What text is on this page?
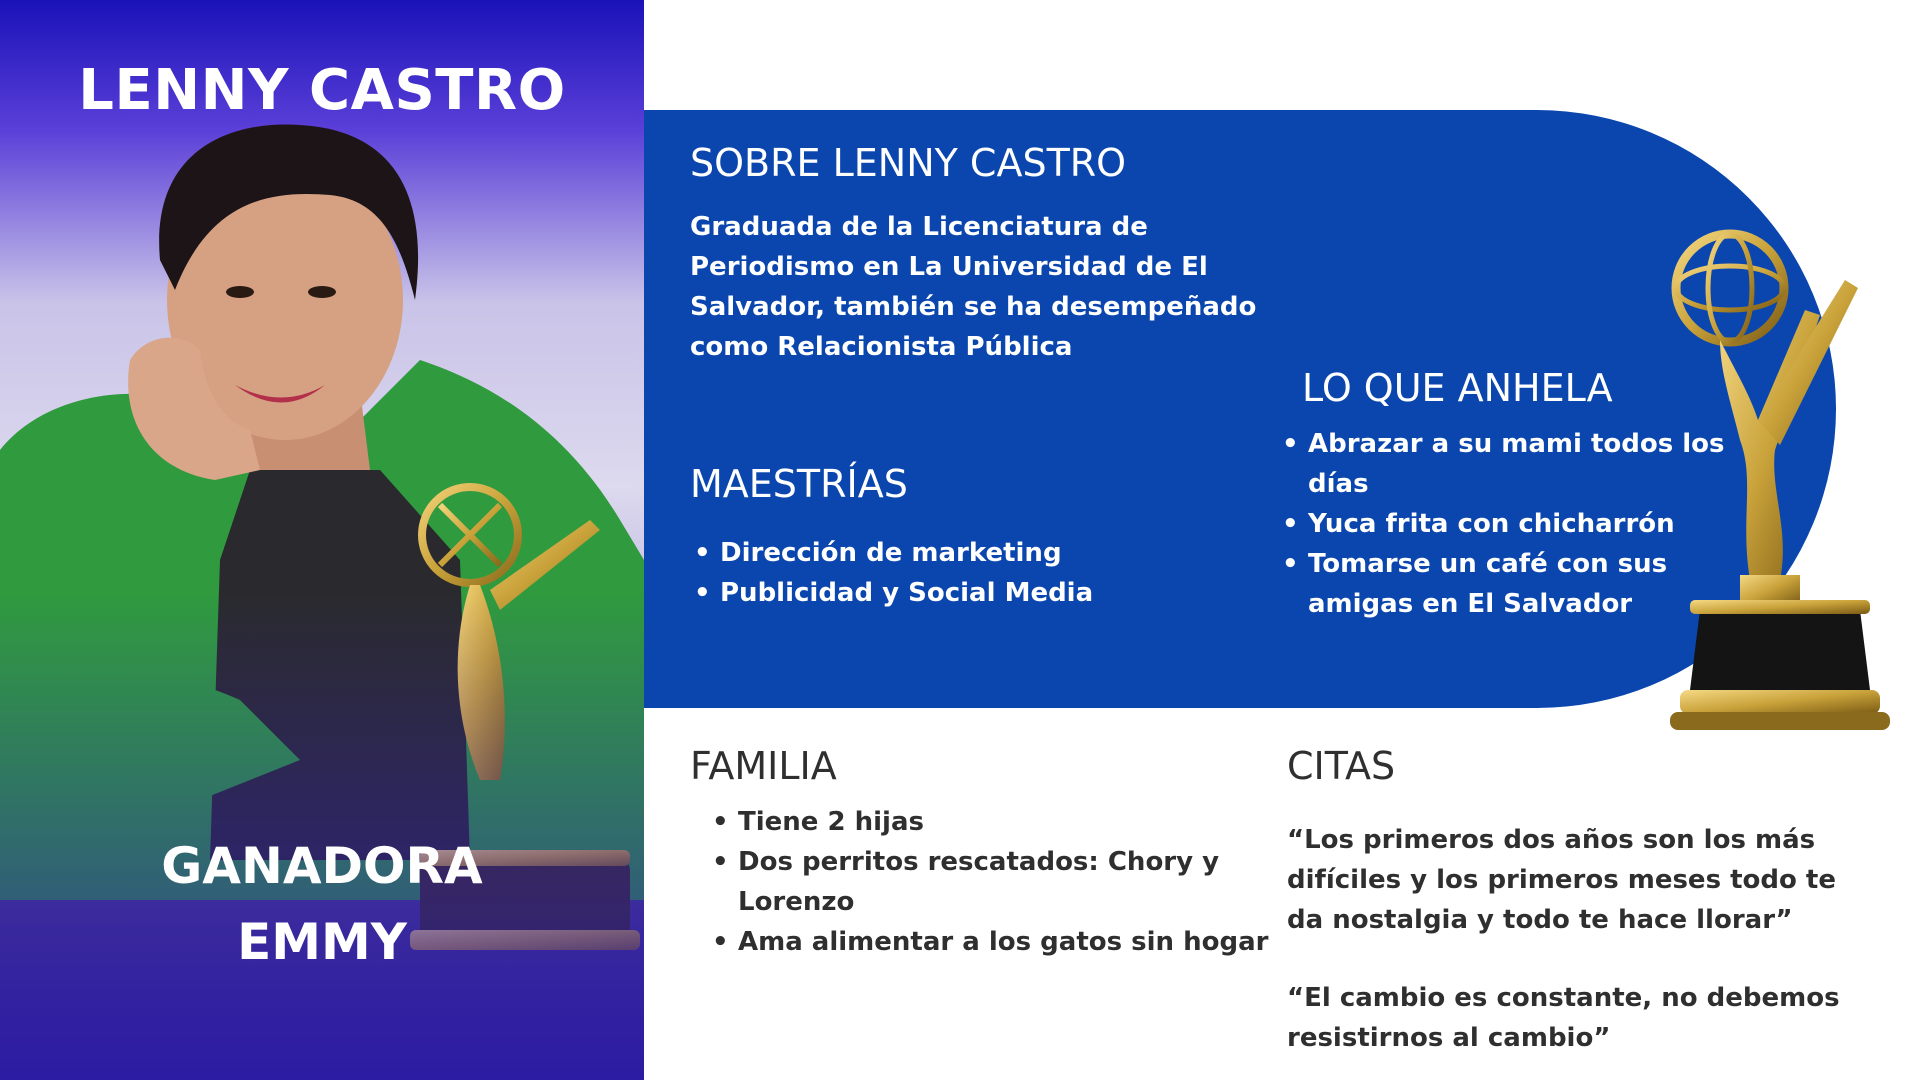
LENNY CASTRO
GANADORA
EMMY
SOBRE LENNY CASTRO
Graduada de la Licenciatura de
Periodismo en La Universidad de El
Salvador, también se ha desempeñado
como Relacionista Pública
MAESTRÍAS
• Dirección de marketing
• Publicidad y Social Media
LO QUE ANHELA
• Abrazar a su mami todos los
días
• Yuca frita con chicharrón
• Tomarse un café con sus
amigas en El Salvador
FAMILIA
• Tiene 2 hijas
• Dos perritos rescatados: Chory y
Lorenzo
• Ama alimentar a los gatos sin hogar
CITAS
“Los primeros dos años son los más
difíciles y los primeros meses todo te
da nostalgia y todo te hace llorar”
“El cambio es constante, no debemos
resistirnos al cambio”
